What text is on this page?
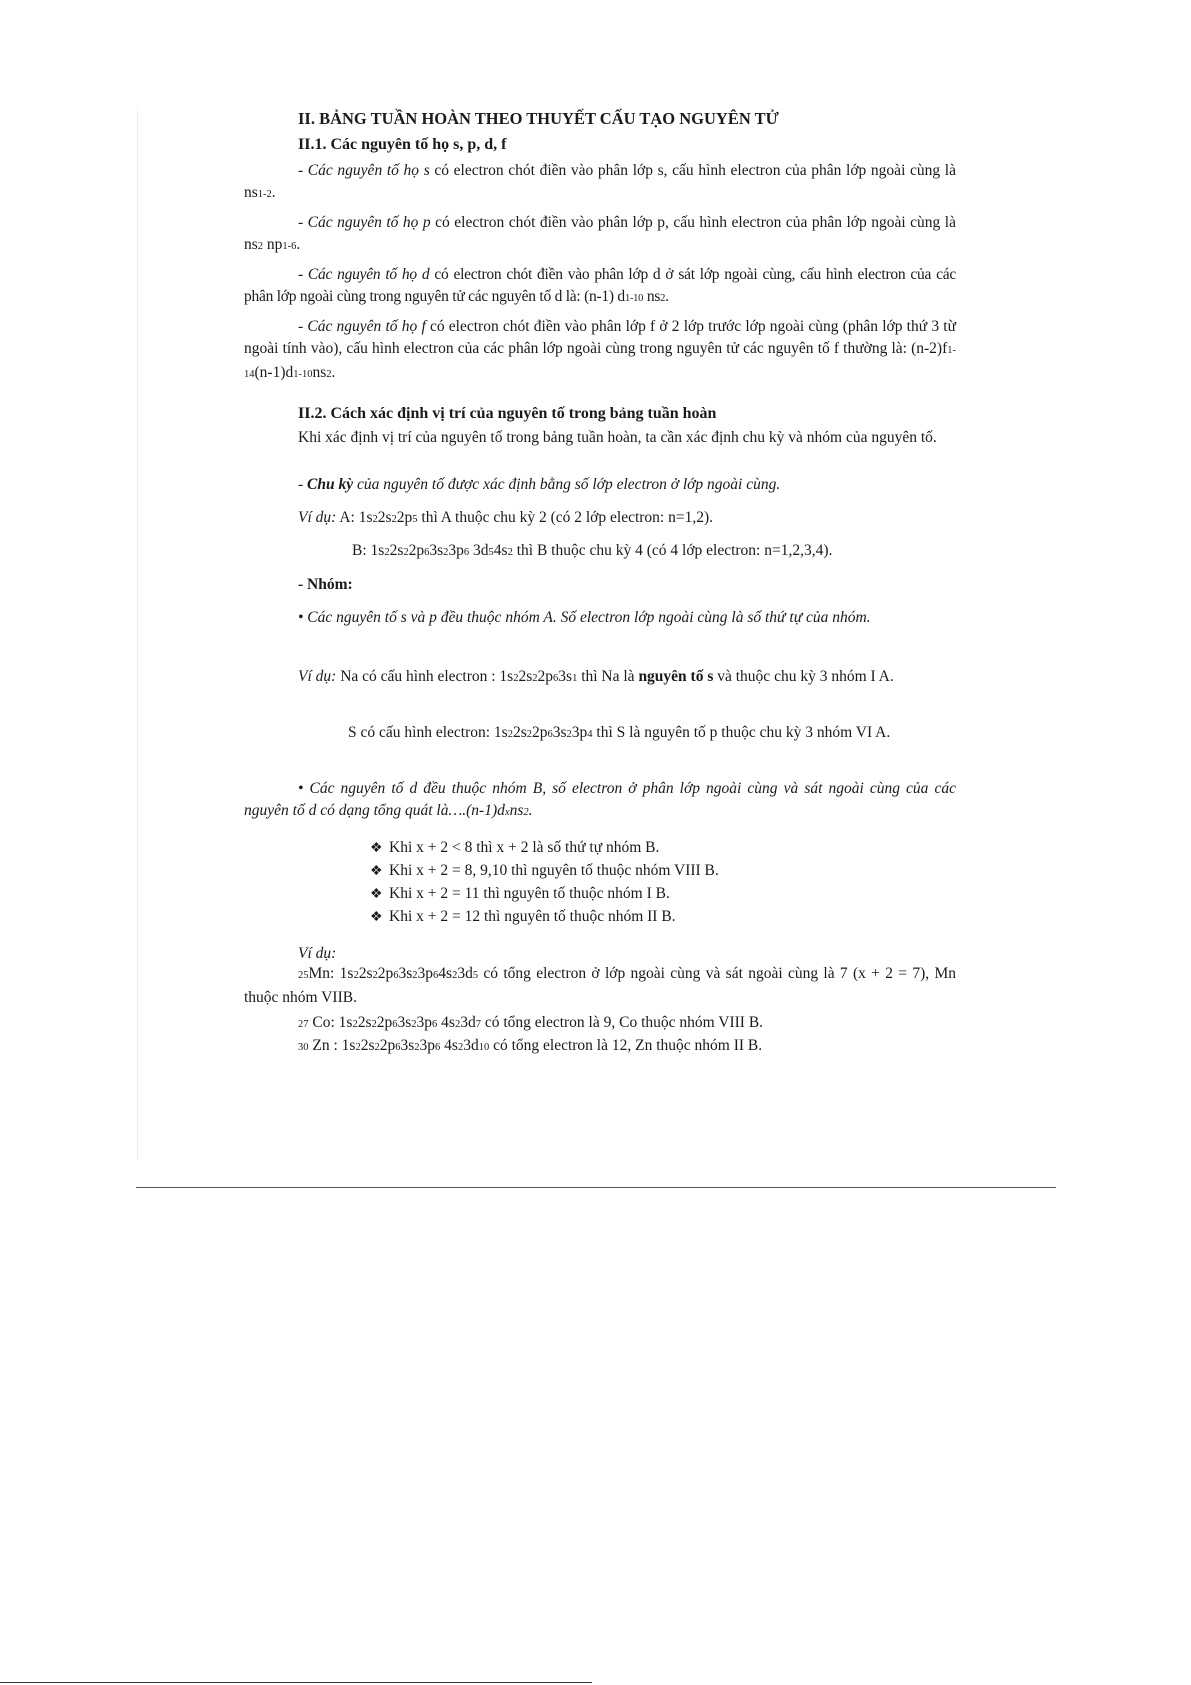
II. BẢNG TUẦN HOÀN THEO THUYẾT CẤU TẠO NGUYÊN TỬ
II.1. Các nguyên tố họ s, p, d, f

- Các nguyên tố họ s có electron chót điền vào phân lớp s, cấu hình electron của phân lớp ngoài cùng là ns1-2.

- Các nguyên tố họ p có electron chót điền vào phân lớp p, cấu hình electron của phân lớp ngoài cùng là ns2 np1-6.

- Các nguyên tố họ d có electron chót điền vào phân lớp d ở sát lớp ngoài cùng, cấu hình electron của các phân lớp ngoài cùng trong nguyên tử các nguyên tố d là: (n-1) d1-10 ns2.

- Các nguyên tố họ f có electron chót điền vào phân lớp f ở 2 lớp trước lớp ngoài cùng (phân lớp thứ 3 từ ngoài tính vào), cấu hình electron của các phân lớp ngoài cùng trong nguyên tử các nguyên tố f thường là: (n-2)f1-14(n-1)d1-10ns2.

II.2. Cách xác định vị trí của nguyên tố trong bảng tuần hoàn

Khi xác định vị trí của nguyên tố trong bảng tuần hoàn, ta cần xác định chu kỳ và nhóm của nguyên tố.

- Chu kỳ của nguyên tố được xác định bằng số lớp electron ở lớp ngoài cùng.

Ví dụ: A: 1s22s22p5 thì A thuộc chu kỳ 2 (có 2 lớp electron: n=1,2).

B: 1s22s22p63s23p6 3d54s2 thì B thuộc chu kỳ 4 (có 4 lớp electron: n=1,2,3,4).

- Nhóm:

• Các nguyên tố s và p đều thuộc nhóm A. Số electron lớp ngoài cùng là số thứ tự của nhóm.

Ví dụ: Na có cấu hình electron : 1s22s22p63s1 thì Na là nguyên tố s và thuộc chu kỳ 3 nhóm I A.

S có cấu hình electron: 1s22s22p63s23p4 thì S là nguyên tố p thuộc chu kỳ 3 nhóm VI A.

• Các nguyên tố d đều thuộc nhóm B, số electron ở phân lớp ngoài cùng và sát ngoài cùng của các nguyên tố d có dạng tổng quát là….(n-1)dxns2.

❖ Khi x + 2 < 8 thì x + 2 là số thứ tự nhóm B.
❖ Khi x + 2 = 8, 9,10 thì nguyên tố thuộc nhóm VIII B.
❖ Khi x + 2 = 11 thì nguyên tố thuộc nhóm I B.
❖ Khi x + 2 = 12 thì nguyên tố thuộc nhóm II B.
Ví dụ:

25Mn: 1s22s22p63s23p64s23d5 có tổng electron ở lớp ngoài cùng và sát ngoài cùng là 7 (x + 2 = 7), Mn thuộc nhóm VIIB.

27 Co: 1s22s22p63s23p6 4s23d7 có tổng electron là 9, Co thuộc nhóm VIII B.

30 Zn : 1s22s22p63s23p6 4s23d10 có tổng electron là 12, Zn thuộc nhóm II B.
